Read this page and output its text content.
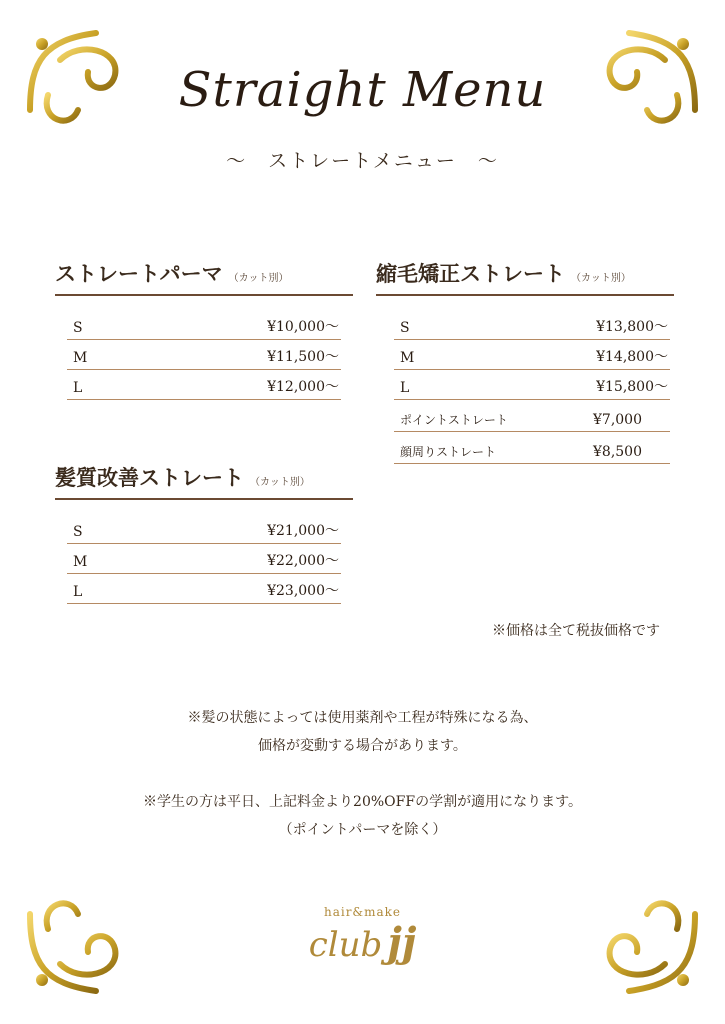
Straight Menu
〜　ストレートメニュー　〜
ストレートパーマ （カット別）
S	¥10,000〜
M	¥11,500〜
L	¥12,000〜
縮毛矯正ストレート （カット別）
S	¥13,800〜
M	¥14,800〜
L	¥15,800〜
ポイントストレート	¥7,000
顔周りストレート	¥8,500
髪質改善ストレート （カット別）
S	¥21,000〜
M	¥22,000〜
L	¥23,000〜
※価格は全て税抜価格です
※髪の状態によっては使用薬剤や工程が特殊になる為、
価格が変動する場合があります。
※学生の方は平日、上記料金より20%OFFの学割が適用になります。
（ポイントパーマを除く）
hair&make
club jj
